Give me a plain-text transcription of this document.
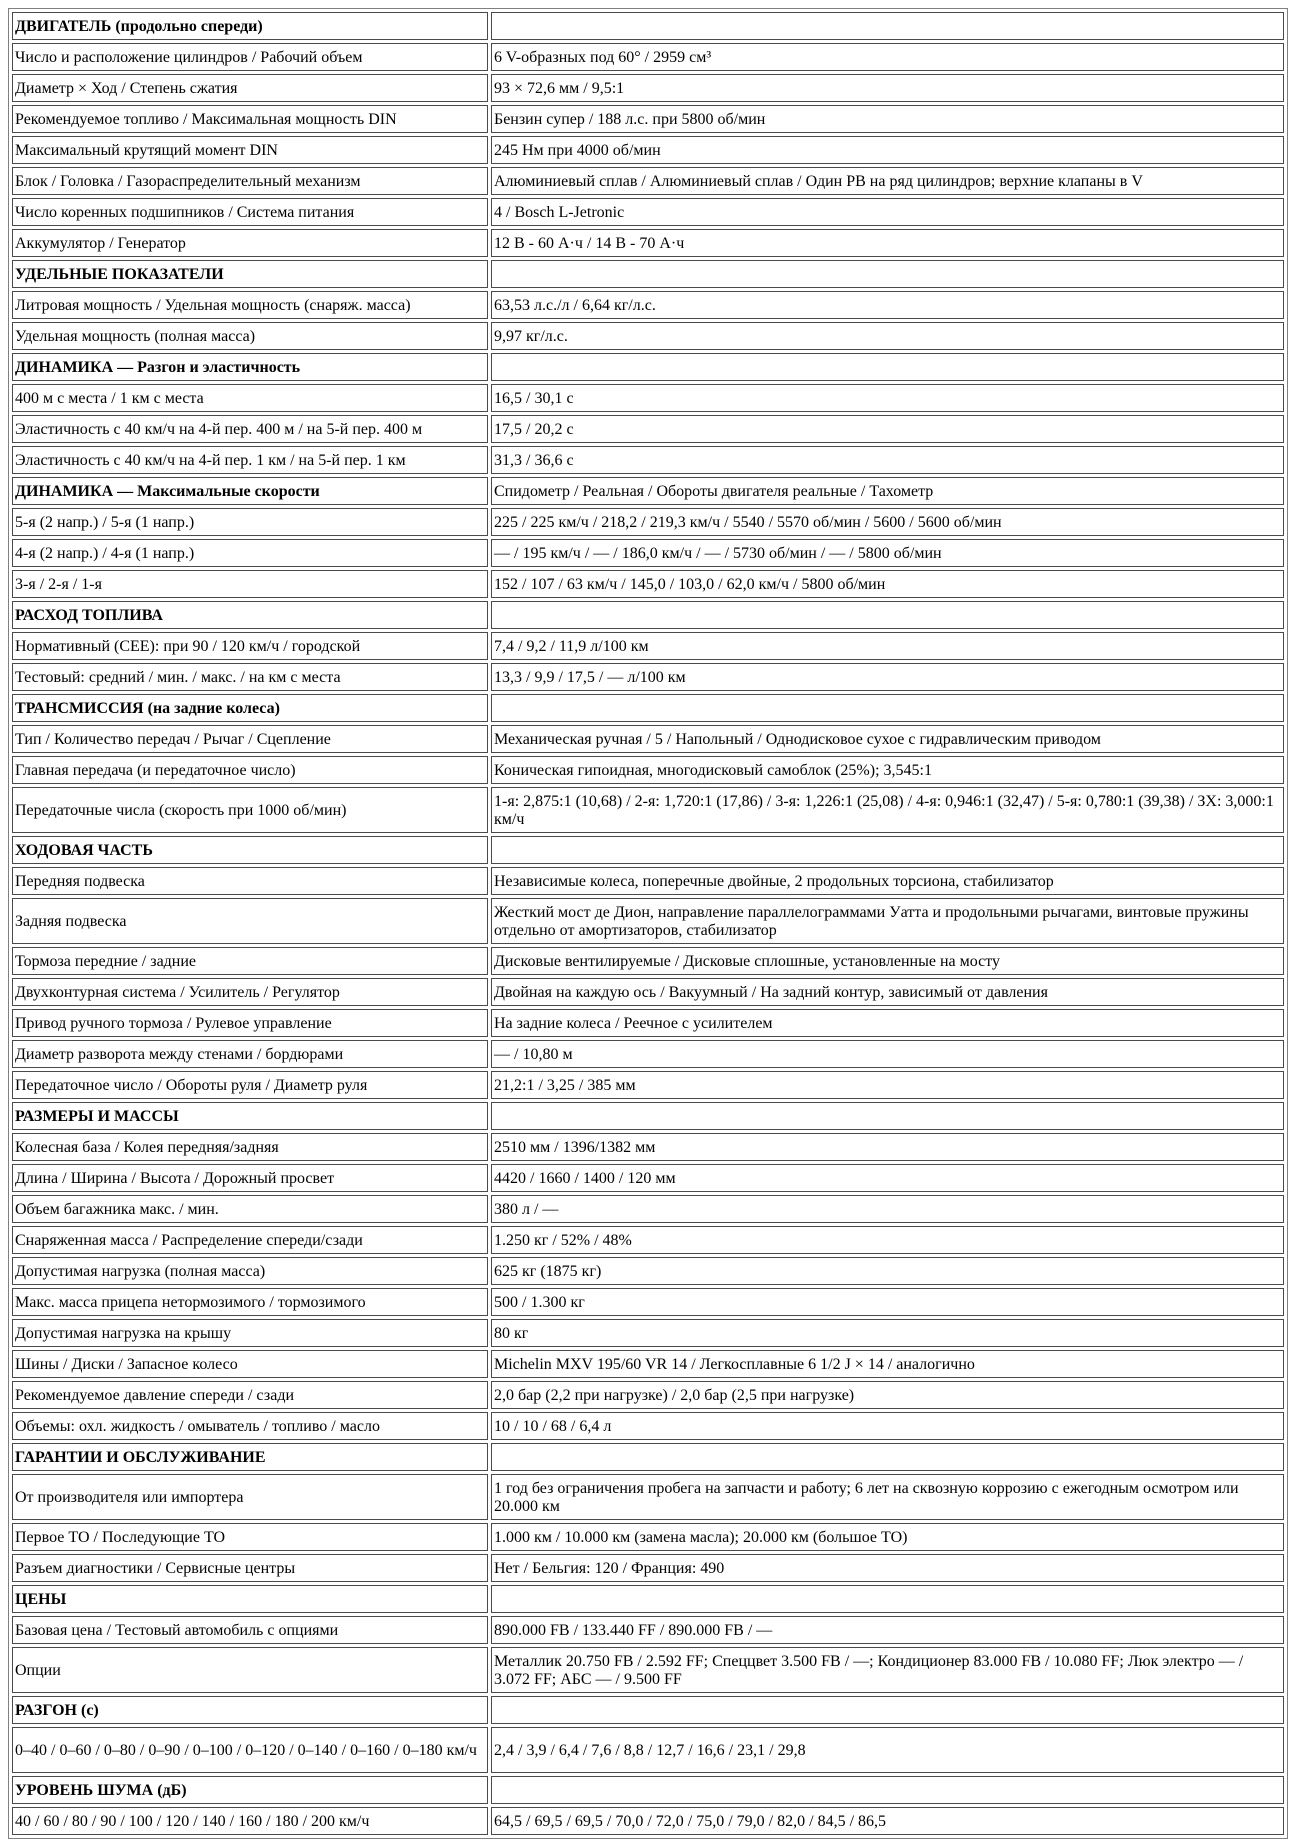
ДВИГАТЕЛЬ (продольно спереди)	
Число и расположение цилиндров / Рабочий объем	6 V-образных под 60° / 2959 см³
Диаметр × Ход / Степень сжатия	93 × 72,6 мм / 9,5:1
Рекомендуемое топливо / Максимальная мощность DIN	Бензин супер / 188 л.с. при 5800 об/мин
Максимальный крутящий момент DIN	245 Нм при 4000 об/мин
Блок / Головка / Газораспределительный механизм	Алюминиевый сплав / Алюминиевый сплав / Один РВ на ряд цилиндров; верхние клапаны в V
Число коренных подшипников / Система питания	4 / Bosch L-Jetronic
Аккумулятор / Генератор	12 В - 60 А·ч / 14 В - 70 А·ч
УДЕЛЬНЫЕ ПОКАЗАТЕЛИ	
Литровая мощность / Удельная мощность (снаряж. масса)	63,53 л.с./л / 6,64 кг/л.с.
Удельная мощность (полная масса)	9,97 кг/л.с.
ДИНАМИКА — Разгон и эластичность	
400 м с места / 1 км с места	16,5 / 30,1 с
Эластичность с 40 км/ч на 4-й пер. 400 м / на 5-й пер. 400 м	17,5 / 20,2 с
Эластичность с 40 км/ч на 4-й пер. 1 км / на 5-й пер. 1 км	31,3 / 36,6 с
ДИНАМИКА — Максимальные скорости	Спидометр / Реальная / Обороты двигателя реальные / Тахометр
5-я (2 напр.) / 5-я (1 напр.)	225 / 225 км/ч / 218,2 / 219,3 км/ч / 5540 / 5570 об/мин / 5600 / 5600 об/мин
4-я (2 напр.) / 4-я (1 напр.)	— / 195 км/ч / — / 186,0 км/ч / — / 5730 об/мин / — / 5800 об/мин
3-я / 2-я / 1-я	152 / 107 / 63 км/ч / 145,0 / 103,0 / 62,0 км/ч / 5800 об/мин
РАСХОД ТОПЛИВА	
Нормативный (CEE): при 90 / 120 км/ч / городской	7,4 / 9,2 / 11,9 л/100 км
Тестовый: средний / мин. / макс. / на км с места	13,3 / 9,9 / 17,5 / — л/100 км
ТРАНСМИССИЯ (на задние колеса)	
Тип / Количество передач / Рычаг / Сцепление	Механическая ручная / 5 / Напольный / Однодисковое сухое с гидравлическим приводом
Главная передача (и передаточное число)	Коническая гипоидная, многодисковый самоблок (25%); 3,545:1
Передаточные числа (скорость при 1000 об/мин)	1-я: 2,875:1 (10,68) / 2-я: 1,720:1 (17,86) / 3-я: 1,226:1 (25,08) / 4-я: 0,946:1 (32,47) / 5-я: 0,780:1 (39,38) / ЗХ: 3,000:1 км/ч
ХОДОВАЯ ЧАСТЬ	
Передняя подвеска	Независимые колеса, поперечные двойные, 2 продольных торсиона, стабилизатор
Задняя подвеска	Жесткий мост де Дион, направление параллелограммами Уатта и продольными рычагами, винтовые пружины отдельно от амортизаторов, стабилизатор
Тормоза передние / задние	Дисковые вентилируемые / Дисковые сплошные, установленные на мосту
Двухконтурная система / Усилитель / Регулятор	Двойная на каждую ось / Вакуумный / На задний контур, зависимый от давления
Привод ручного тормоза / Рулевое управление	На задние колеса / Реечное с усилителем
Диаметр разворота между стенами / бордюрами	— / 10,80 м
Передаточное число / Обороты руля / Диаметр руля	21,2:1 / 3,25 / 385 мм
РАЗМЕРЫ И МАССЫ	
Колесная база / Колея передняя/задняя	2510 мм / 1396/1382 мм
Длина / Ширина / Высота / Дорожный просвет	4420 / 1660 / 1400 / 120 мм
Объем багажника макс. / мин.	380 л / —
Снаряженная масса / Распределение спереди/сзади	1.250 кг / 52% / 48%
Допустимая нагрузка (полная масса)	625 кг (1875 кг)
Макс. масса прицепа нетормозимого / тормозимого	500 / 1.300 кг
Допустимая нагрузка на крышу	80 кг
Шины / Диски / Запасное колесо	Michelin MXV 195/60 VR 14 / Легкосплавные 6 1/2 J × 14 / аналогично
Рекомендуемое давление спереди / сзади	2,0 бар (2,2 при нагрузке) / 2,0 бар (2,5 при нагрузке)
Объемы: охл. жидкость / омыватель / топливо / масло	10 / 10 / 68 / 6,4 л
ГАРАНТИИ И ОБСЛУЖИВАНИЕ	
От производителя или импортера	1 год без ограничения пробега на запчасти и работу; 6 лет на сквозную коррозию с ежегодным осмотром или 20.000 км
Первое ТО / Последующие ТО	1.000 км / 10.000 км (замена масла); 20.000 км (большое ТО)
Разъем диагностики / Сервисные центры	Нет / Бельгия: 120 / Франция: 490
ЦЕНЫ	
Базовая цена / Тестовый автомобиль с опциями	890.000 FB / 133.440 FF / 890.000 FB / —
Опции	Металлик 20.750 FB / 2.592 FF; Спеццвет 3.500 FB / —; Кондиционер 83.000 FB / 10.080 FF; Люк электро — / 3.072 FF; АБС — / 9.500 FF
РАЗГОН (с)	
0–40 / 0–60 / 0–80 / 0–90 / 0–100 / 0–120 / 0–140 / 0–160 / 0–180 км/ч	2,4 / 3,9 / 6,4 / 7,6 / 8,8 / 12,7 / 16,6 / 23,1 / 29,8
УРОВЕНЬ ШУМА (дБ)	
40 / 60 / 80 / 90 / 100 / 120 / 140 / 160 / 180 / 200 км/ч	64,5 / 69,5 / 69,5 / 70,0 / 72,0 / 75,0 / 79,0 / 82,0 / 84,5 / 86,5
